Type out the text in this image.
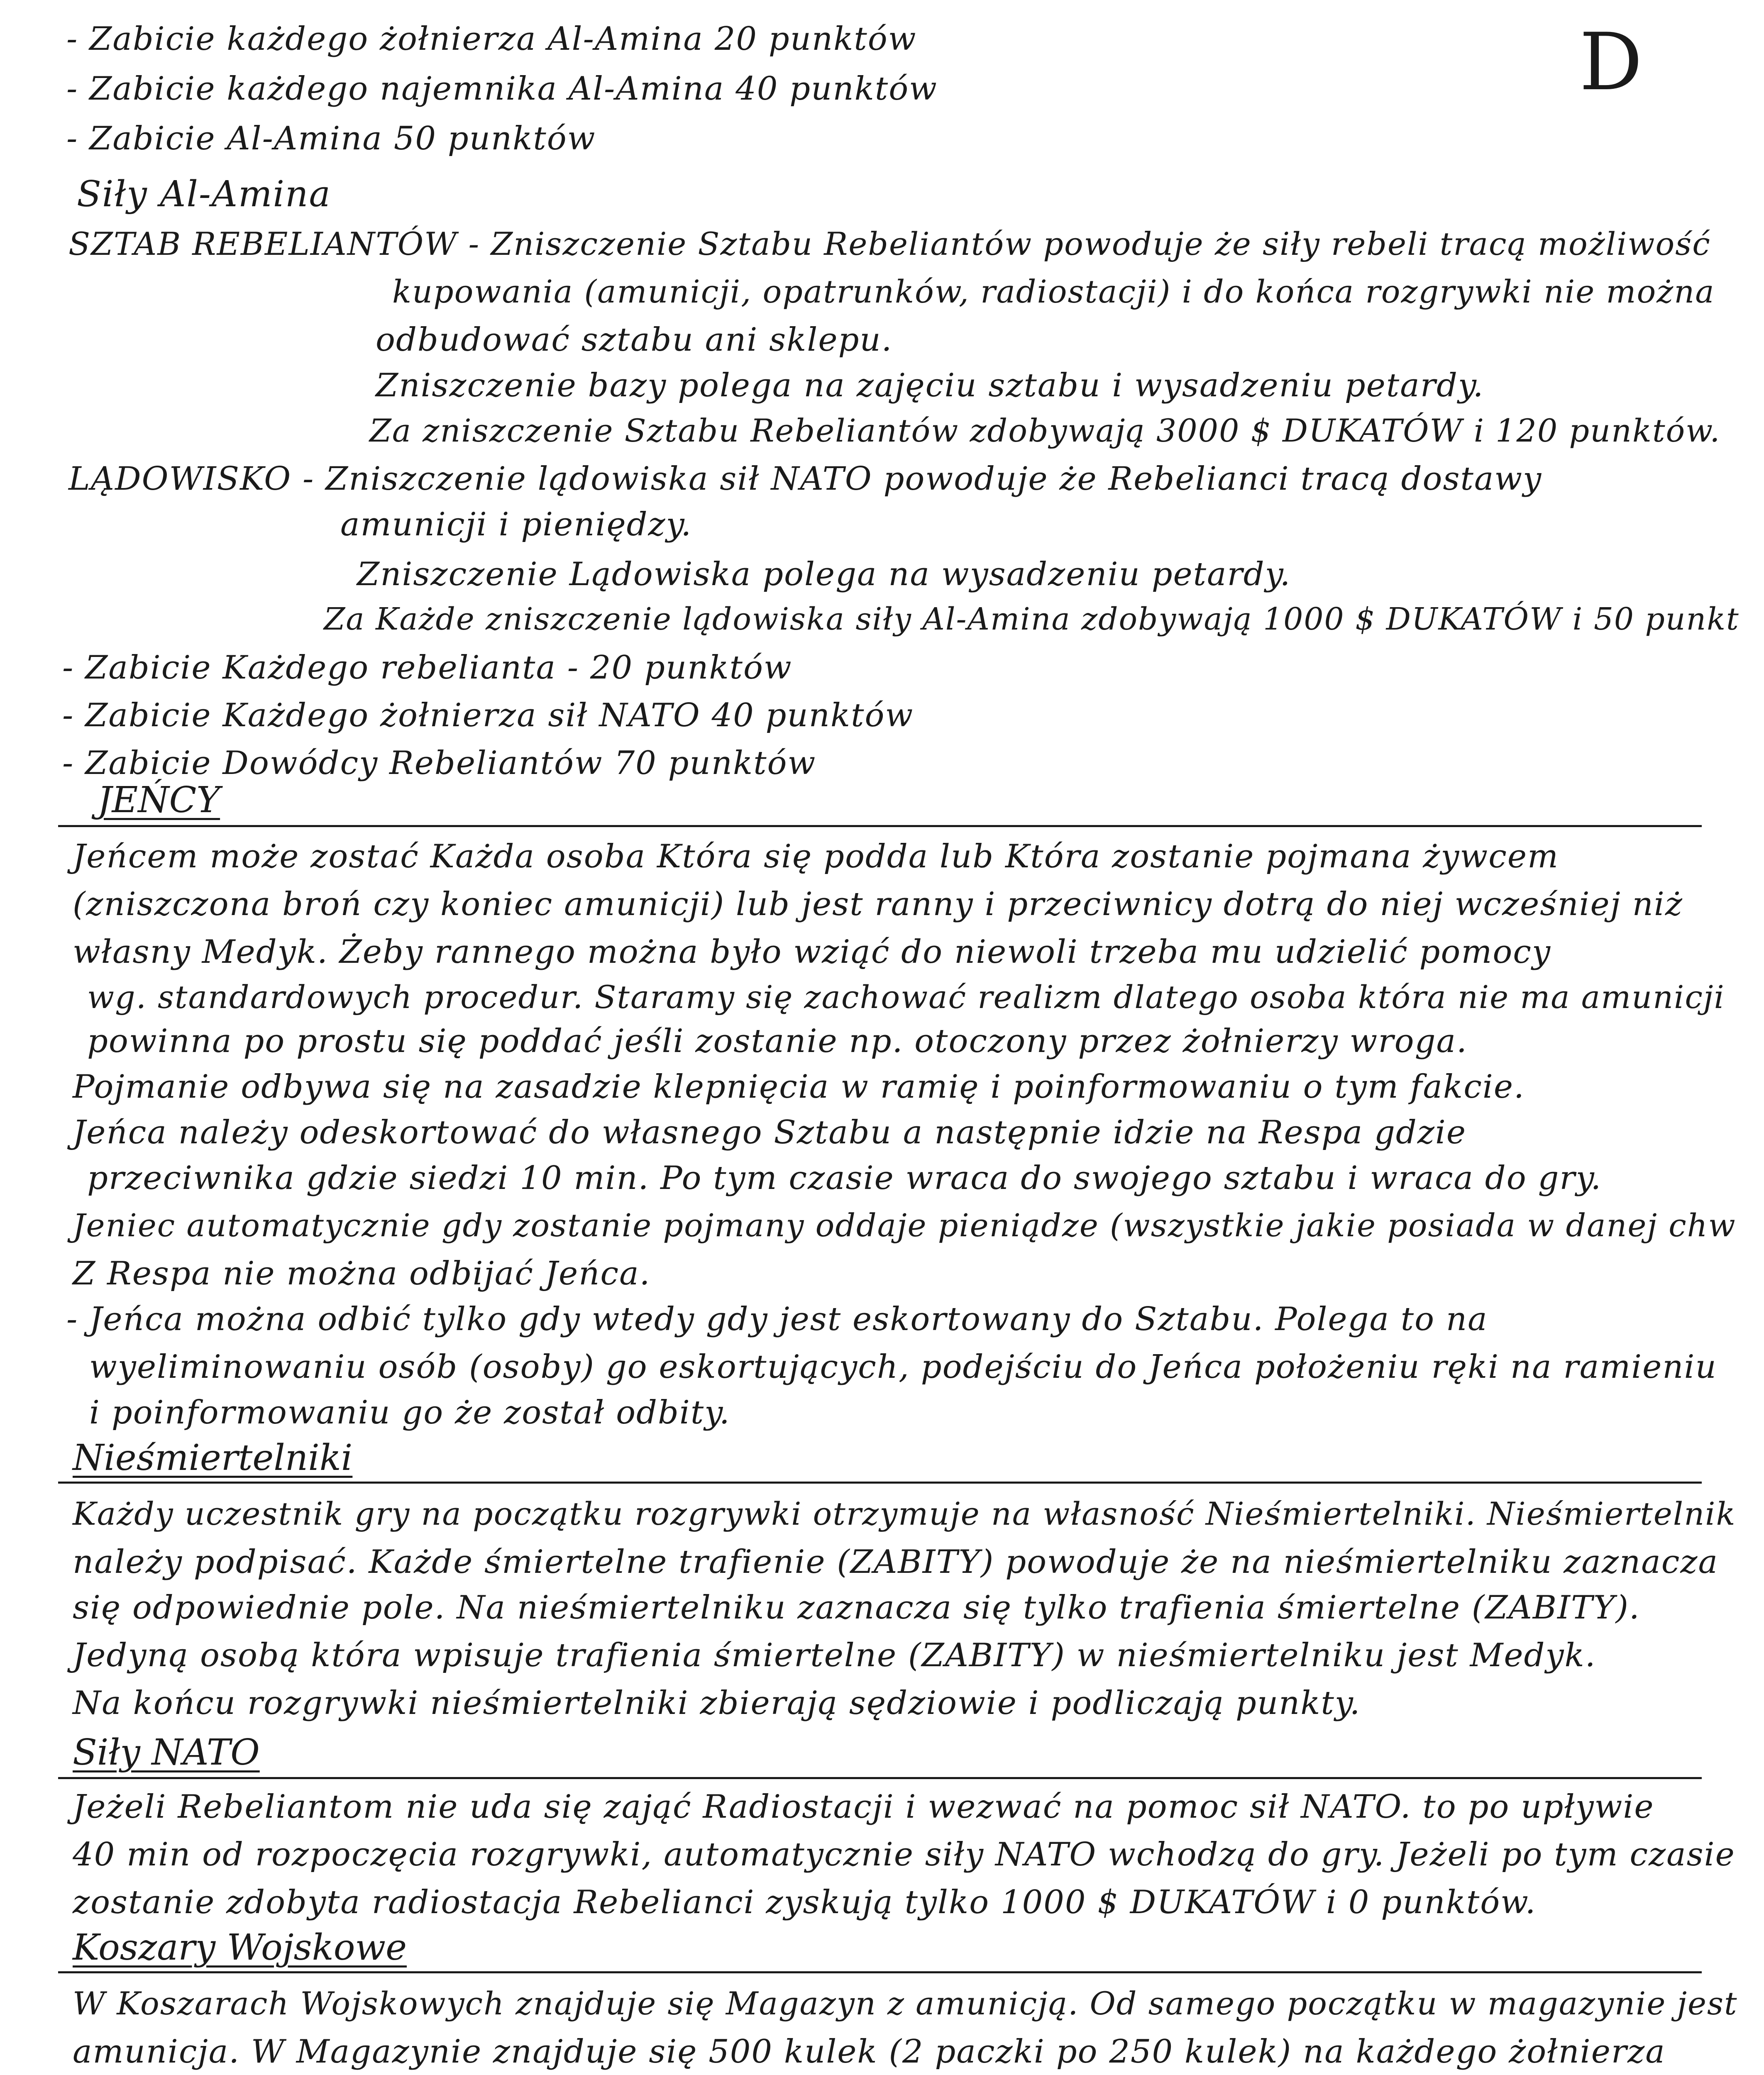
D
- Zabicie każdego żołnierza Al-Amina 20 punktów
- Zabicie każdego najemnika Al-Amina 40 punktów
- Zabicie Al-Amina 50 punktów
Siły Al-Amina
SZTAB REBELIANTÓW - Zniszczenie Sztabu Rebeliantów powoduje że siły rebeli tracą możliwość
kupowania (amunicji, opatrunków, radiostacji) i do końca rozgrywki nie można
odbudować sztabu ani sklepu.
Zniszczenie bazy polega na zajęciu sztabu i wysadzeniu petardy.
Za zniszczenie Sztabu Rebeliantów zdobywają 3000 $ DUKATÓW i 120 punktów.
LĄDOWISKO - Zniszczenie lądowiska sił NATO powoduje że Rebelianci tracą dostawy
amunicji i pieniędzy.
Zniszczenie Lądowiska polega na wysadzeniu petardy.
Za Każde zniszczenie lądowiska siły Al-Amina zdobywają 1000 $ DUKATÓW i 50 punkt
- Zabicie Każdego rebelianta - 20 punktów
- Zabicie Każdego żołnierza sił NATO 40 punktów
- Zabicie Dowódcy Rebeliantów 70 punktów
JEŃCY
Jeńcem może zostać Każda osoba Która się podda lub Która zostanie pojmana żywcem
(zniszczona broń czy koniec amunicji) lub jest ranny i przeciwnicy dotrą do niej wcześniej niż
własny Medyk. Żeby rannego można było wziąć do niewoli trzeba mu udzielić pomocy
wg. standardowych procedur. Staramy się zachować realizm dlatego osoba która nie ma amunicji
powinna po prostu się poddać jeśli zostanie np. otoczony przez żołnierzy wroga.
Pojmanie odbywa się na zasadzie klepnięcia w ramię i poinformowaniu o tym fakcie.
Jeńca należy odeskortować do własnego Sztabu a następnie idzie na Respa gdzie
przeciwnika gdzie siedzi 10 min. Po tym czasie wraca do swojego sztabu i wraca do gry.
Jeniec automatycznie gdy zostanie pojmany oddaje pieniądze (wszystkie jakie posiada w danej chw
Z Respa nie można odbijać Jeńca.
- Jeńca można odbić tylko gdy wtedy gdy jest eskortowany do Sztabu. Polega to na
wyeliminowaniu osób (osoby) go eskortujących, podejściu do Jeńca położeniu ręki na ramieniu
i poinformowaniu go że został odbity.
Nieśmiertelniki
Każdy uczestnik gry na początku rozgrywki otrzymuje na własność Nieśmiertelniki. Nieśmiertelnik
należy podpisać. Każde śmiertelne trafienie (ZABITY) powoduje że na nieśmiertelniku zaznacza
się odpowiednie pole. Na nieśmiertelniku zaznacza się tylko trafienia śmiertelne (ZABITY).
Jedyną osobą która wpisuje trafienia śmiertelne (ZABITY) w nieśmiertelniku jest Medyk.
Na końcu rozgrywki nieśmiertelniki zbierają sędziowie i podliczają punkty.
Siły NATO
Jeżeli Rebeliantom nie uda się zająć Radiostacji i wezwać na pomoc sił NATO. to po upływie
40 min od rozpoczęcia rozgrywki, automatycznie siły NATO wchodzą do gry. Jeżeli po tym czasie
zostanie zdobyta radiostacja Rebelianci zyskują tylko 1000 $ DUKATÓW i 0 punktów.
Koszary Wojskowe
W Koszarach Wojskowych znajduje się Magazyn z amunicją. Od samego początku w magazynie jest
amunicja. W Magazynie znajduje się 500 kulek (2 paczki po 250 kulek) na każdego żołnierza
